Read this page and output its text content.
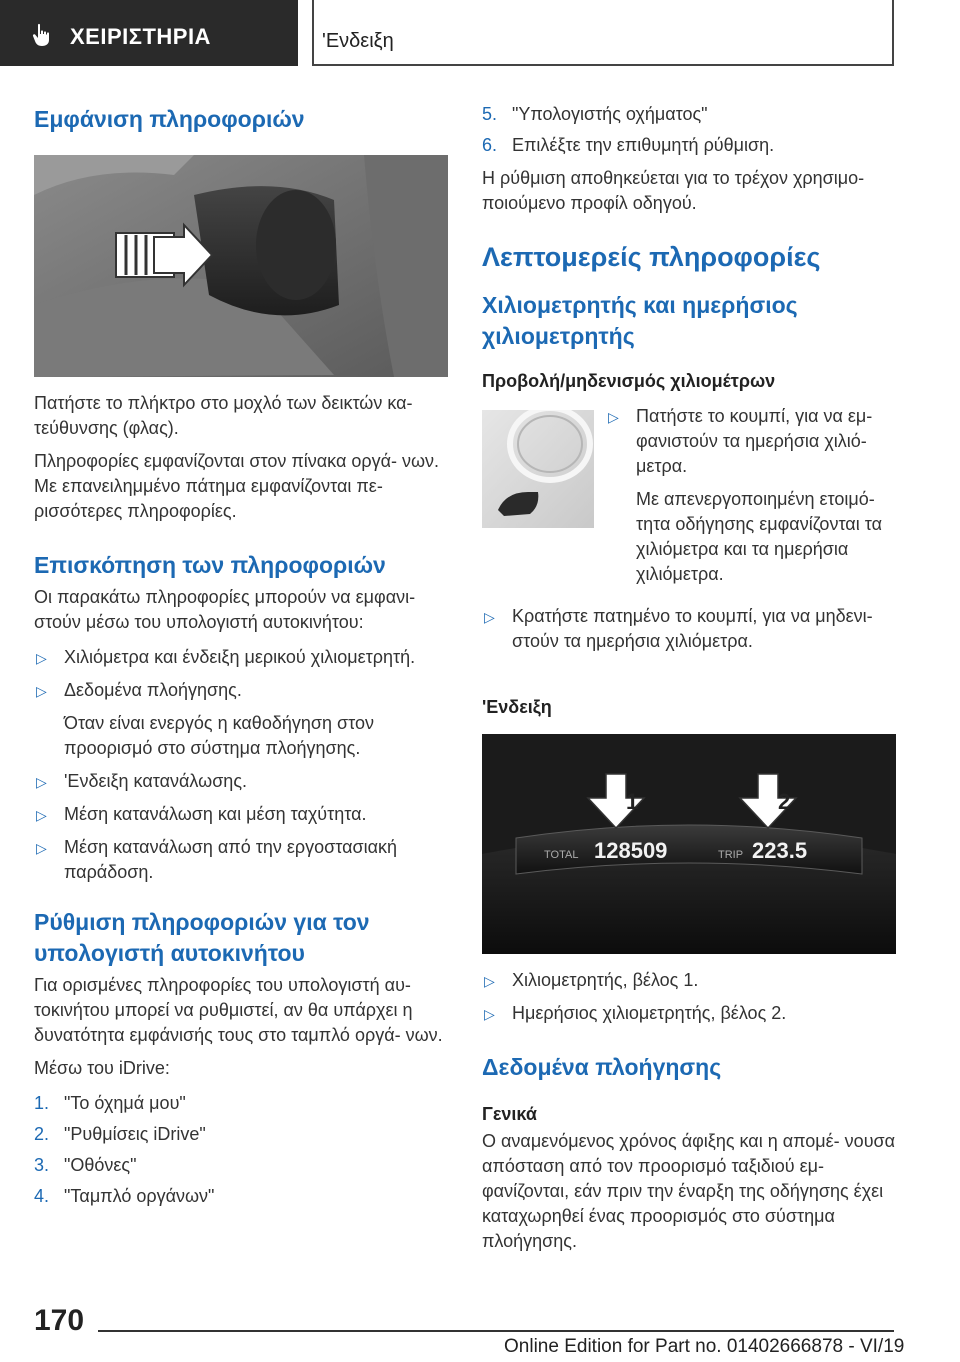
ΧΕΙΡΙΣΤΗΡΙΑ	'Ενδειξη
Εμφάνιση πληροφοριών

Πατήστε το πλήκτρο στο μοχλό των δεικτών κα- τεύθυνσης (φλας).

Πληροφορίες εμφανίζονται στον πίνακα οργά- νων. Με επανειλημμένο πάτημα εμφανίζονται πε- ρισσότερες πληροφορίες.

Επισκόπηση των πληροφοριών

Οι παρακάτω πληροφορίες μπορούν να εμφανι- στούν μέσω του υπολογιστή αυτοκινήτου:

▷ Χιλιόμετρα και ένδειξη μερικού χιλιομετρητή.
▷ Δεδομένα πλοήγησης.
Όταν είναι ενεργός η καθοδήγηση στον προορισμό στο σύστημα πλοήγησης.
▷ 'Ενδειξη κατανάλωσης.
▷ Μέση κατανάλωση και μέση ταχύτητα.
▷ Μέση κατανάλωση από την εργοστασιακή παράδοση.
Ρύθμιση πληροφοριών για τον υπολογιστή αυτοκινήτου

Για ορισμένες πληροφορίες του υπολογιστή αυ- τοκινήτου μπορεί να ρυθμιστεί, αν θα υπάρχει η δυνατότητα εμφάνισής τους στο ταμπλό οργά- νων.

Μέσω του iDrive:

1. "Το όχημά μου"
2. "Ρυθμίσεις iDrive"
3. "Οθόνες"
4. "Ταμπλό οργάνων"
5. "Υπολογιστής οχήματος"
6. Επιλέξτε την επιθυμητή ρύθμιση.

Η ρύθμιση αποθηκεύεται για το τρέχον χρησιμο- ποιούμενο προφίλ οδηγού.

Λεπτομερείς πληροφορίες
Χιλιομετρητής και ημερήσιος χιλιομετρητής
Προβολή/μηδενισμός χιλιομέτρων
▷ Πατήστε το κουμπί, για να εμ- φανιστούν τα ημερήσια χιλιό- μετρα.
Με απενεργοποιημένη ετοιμό- τητα οδήγησης εμφανίζονται τα χιλιόμετρα και τα ημερήσια χιλιόμετρα.
▷ Κρατήστε πατημένο το κουμπί, για να μηδενι- στούν τα ημερήσια χιλιόμετρα.
'Ενδειξη
1	2
TOTAL 128509	TRIP 223.5
▷ Χιλιομετρητής, βέλος 1.
▷ Ημερήσιος χιλιομετρητής, βέλος 2.
Δεδομένα πλοήγησης
Γενικά

Ο αναμενόμενος χρόνος άφιξης και η απομέ- νουσα απόσταση από τον προορισμό ταξιδιού εμ- φανίζονται, εάν πριν την έναρξη της οδήγησης έχει καταχωρηθεί ένας προορισμός στο σύστημα πλοήγησης.

170
Online Edition for Part no. 01402666878 - VI/19
